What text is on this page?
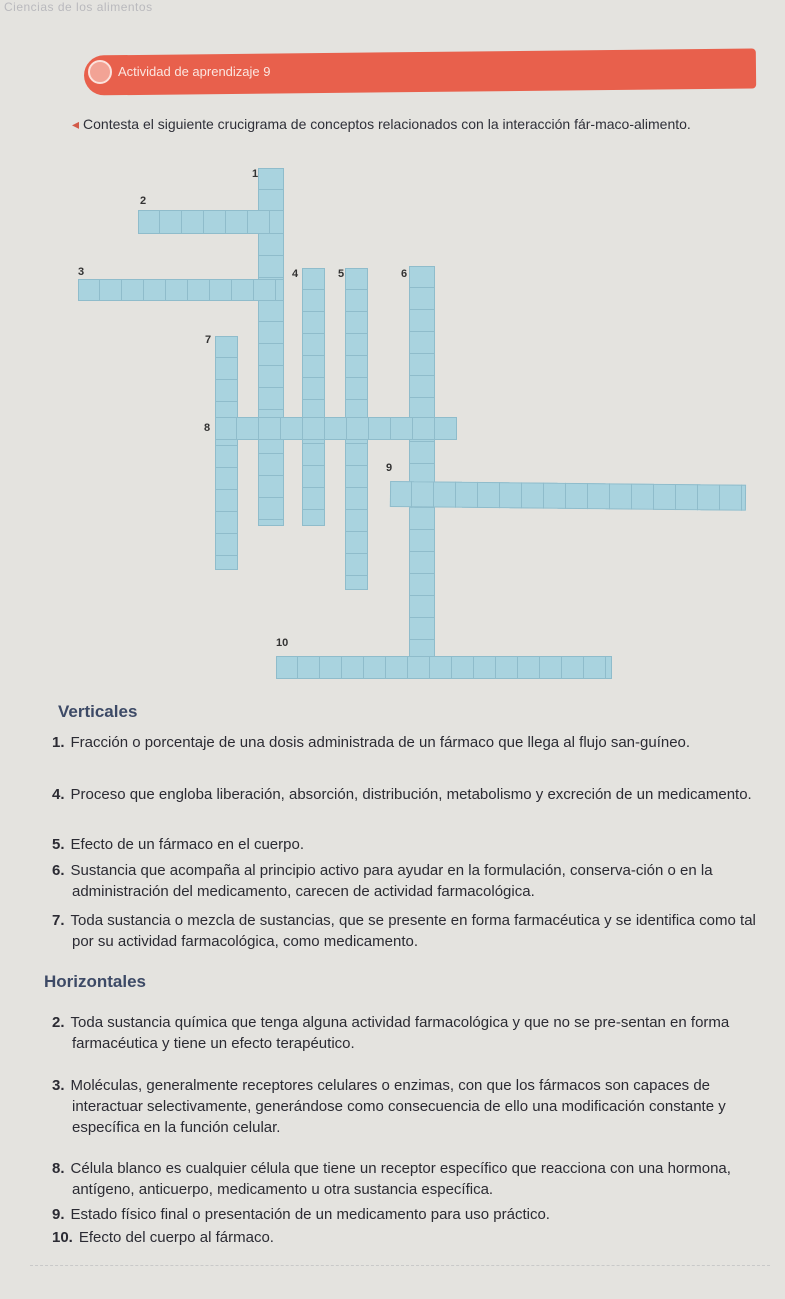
Ciencias de los alimentos
Actividad de aprendizaje 9
◂ Contesta el siguiente crucigrama de conceptos relacionados con la interacción fár-maco-alimento.
1
2
3	4	5	6
7
8
9
10
Verticales
1. Fracción o porcentaje de una dosis administrada de un fármaco que llega al flujo san-guíneo.
4. Proceso que engloba liberación, absorción, distribución, metabolismo y excreción de un medicamento.
5. Efecto de un fármaco en el cuerpo.
6. Sustancia que acompaña al principio activo para ayudar en la formulación, conserva-ción o en la administración del medicamento, carecen de actividad farmacológica.
7. Toda sustancia o mezcla de sustancias, que se presente en forma farmacéutica y se identifica como tal por su actividad farmacológica, como medicamento.
Horizontales
2. Toda sustancia química que tenga alguna actividad farmacológica y que no se pre-sentan en forma farmacéutica y tiene un efecto terapéutico.
3. Moléculas, generalmente receptores celulares o enzimas, con que los fármacos son capaces de interactuar selectivamente, generándose como consecuencia de ello una modificación constante y específica en la función celular.
8. Célula blanco es cualquier célula que tiene un receptor específico que reacciona con una hormona, antígeno, anticuerpo, medicamento u otra sustancia específica.
9. Estado físico final o presentación de un medicamento para uso práctico.
10. Efecto del cuerpo al fármaco.
